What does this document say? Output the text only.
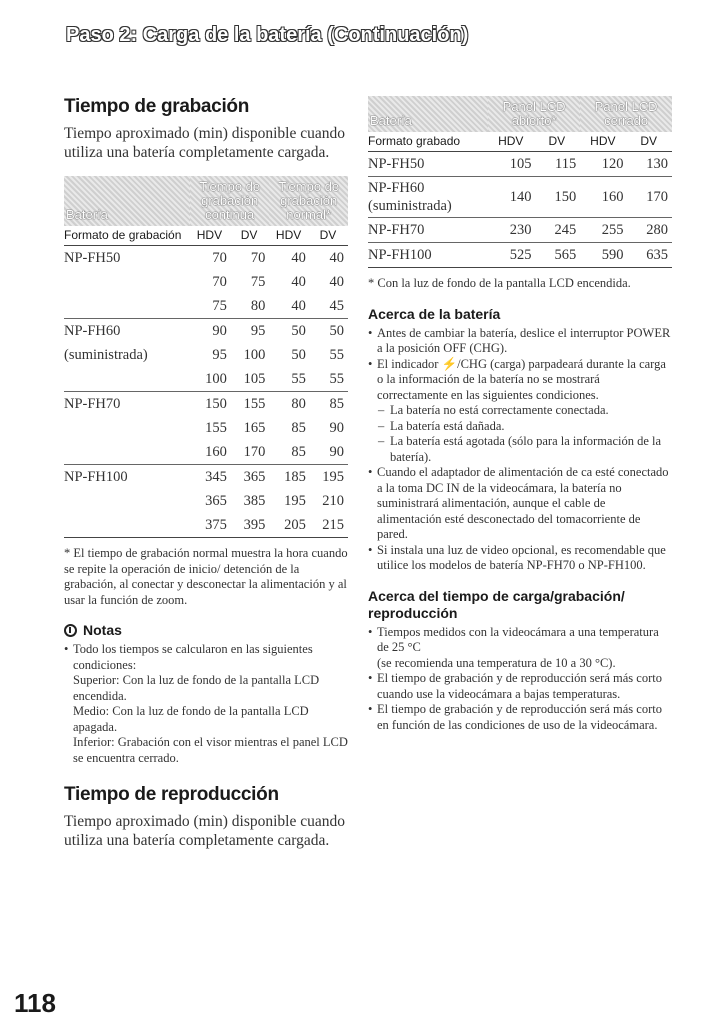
Paso 2: Carga de la batería (Continuación)
Tiempo de grabación

Tiempo aproximado (min) disponible cuando utiliza una batería completamente cargada.

Batería	Tiempo de grabación continua		Tiempo de grabación normal*	
Formato de grabación	HDV	DV	HDV	DV
NP-FH50	70	70	40	40
	70	75	40	40
	75	80	40	45
NP-FH60	90	95	50	50
(suministrada)	95	100	50	55
	100	105	55	55
NP-FH70	150	155	80	85
	155	165	85	90
	160	170	85	90
NP-FH100	345	365	185	195
	365	385	195	210
	375	395	205	215

* El tiempo de grabación normal muestra la hora cuando se repite la operación de inicio/ detención de la grabación, al conectar y desconectar la alimentación y al usar la función de zoom.

Notas
• Todo los tiempos se calcularon en las siguientes condiciones:
Superior: Con la luz de fondo de la pantalla LCD encendida.
Medio: Con la luz de fondo de la pantalla LCD apagada.
Inferior: Grabación con el visor mientras el panel LCD se encuentra cerrado.
Tiempo de reproducción

Tiempo aproximado (min) disponible cuando utiliza una batería completamente cargada.

Batería	Panel LCD abierto*		Panel LCD cerrado	
Formato grabado	HDV	DV	HDV	DV
NP-FH50	105	115	120	130
NP-FH60
(suministrada)	140	150	160	170
NP-FH70	230	245	255	280
NP-FH100	525	565	590	635

* Con la luz de fondo de la pantalla LCD encendida.

Acerca de la batería
• Antes de cambiar la batería, deslice el interruptor POWER a la posición OFF (CHG).
• El indicador ⚡/CHG (carga) parpadeará durante la carga o la información de la batería no se mostrará correctamente en las siguientes condiciones.
– La batería no está correctamente conectada.
– La batería está dañada.
– La batería está agotada (sólo para la información de la batería).
• Cuando el adaptador de alimentación de ca esté conectado a la toma DC IN de la videocámara, la batería no suministrará alimentación, aunque el cable de alimentación esté desconectado del tomacorriente de pared.
• Si instala una luz de video opcional, es recomendable que utilice los modelos de batería NP-FH70 o NP-FH100.
Acerca del tiempo de carga/grabación/ reproducción
• Tiempos medidos con la videocámara a una temperatura de 25 °C
(se recomienda una temperatura de 10 a 30 °C).
• El tiempo de grabación y de reproducción será más corto cuando use la videocámara a bajas temperaturas.
• El tiempo de grabación y de reproducción será más corto en función de las condiciones de uso de la videocámara.
118
